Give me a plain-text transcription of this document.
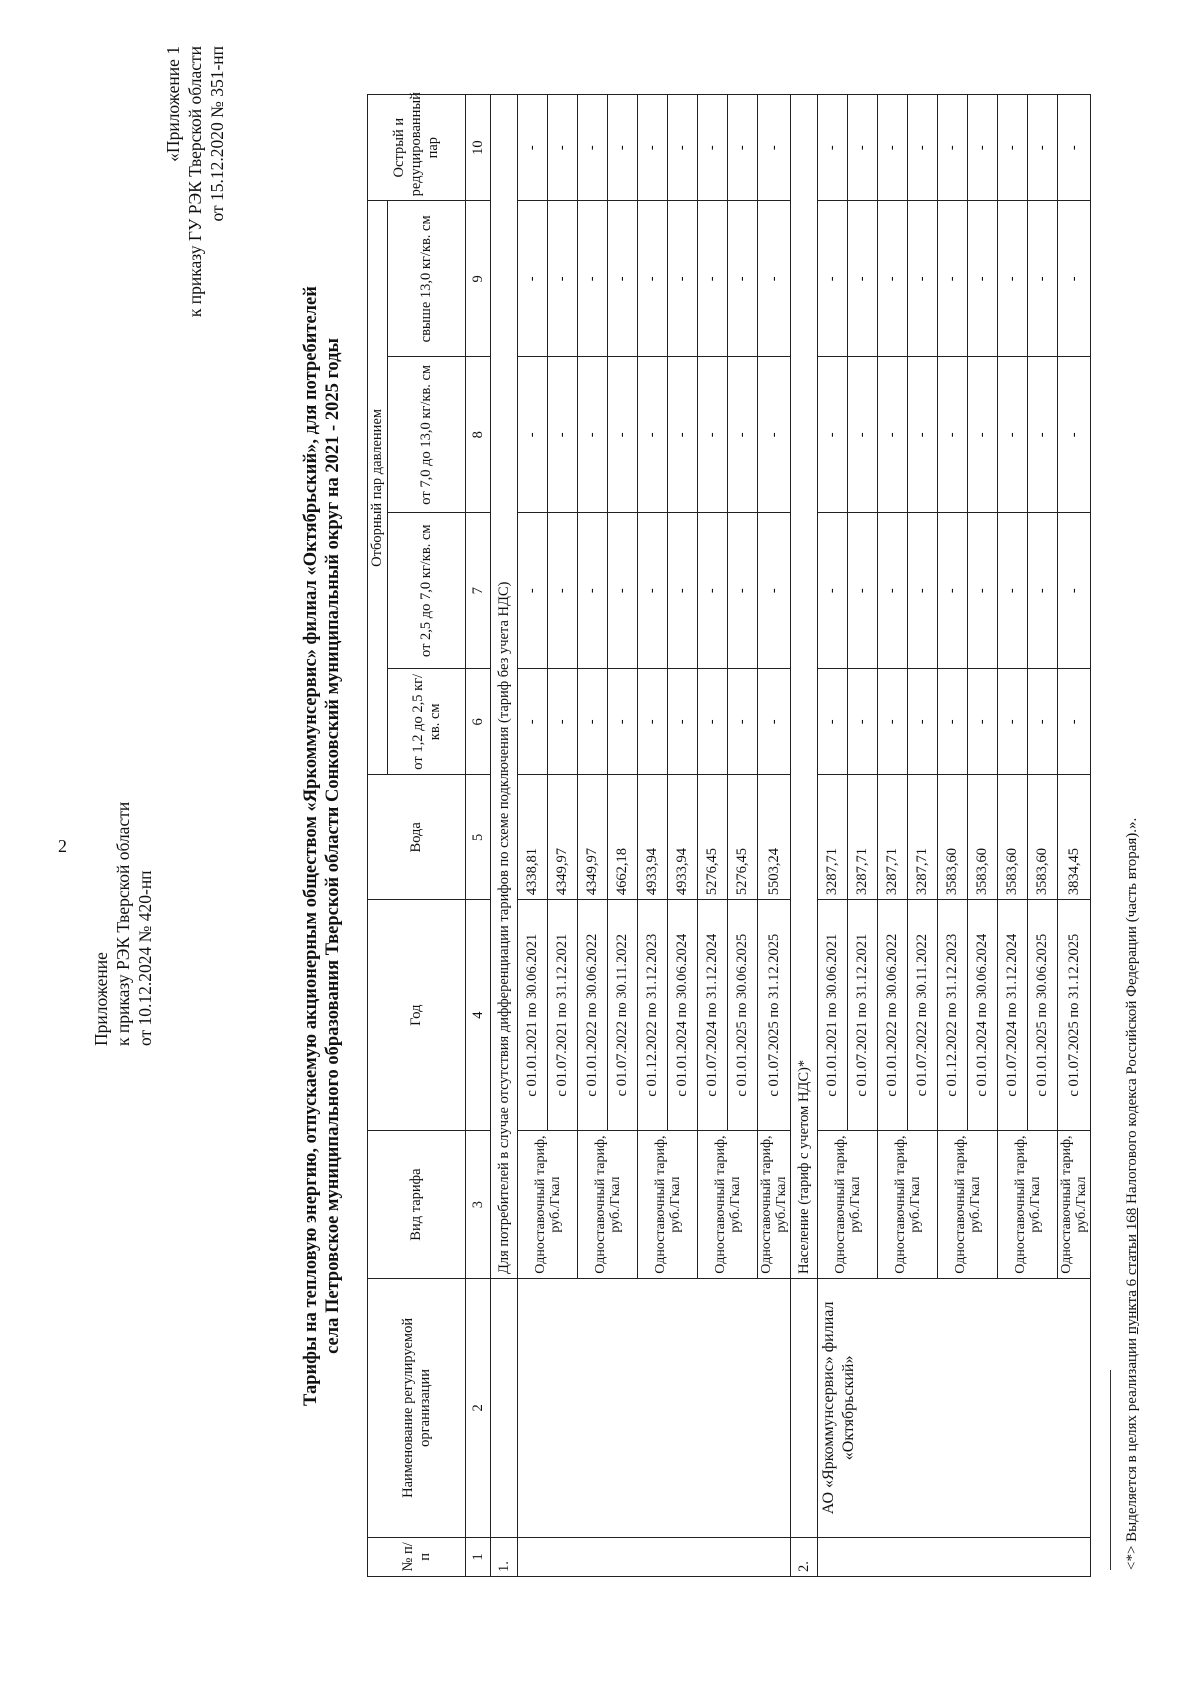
2
Приложение к приказу РЭК Тверской области от 10.12.2024 № 420-нп
«Приложение 1 к приказу ГУ РЭК Тверской области от 15.12.2020 № 351-нп
Тарифы на тепловую энергию, отпускаемую акционерным обществом «Яркоммунсервис» филиал «Октябрьский», для потребителей села Петровское муниципального образования Тверской области Сонковский муниципальный округ на 2021 - 2025 годы
№ п/п	Наименование регулируемой организации	Вид тарифа	Год	Вода	Отборный пар давлением				Острый и редуцированный пар
					от 1,2 до 2,5 кг/кв. см	от 2,5 до 7,0 кг/кв. см	от 7,0 до 13,0 кг/кв. см	свыше 13,0 кг/кв. см	
1	2	3	4	5	6	7	8	9	10
1.		Для потребителей в случае отсутствия дифференциации тарифов по схеме подключения (тариф без учета НДС)							
		Одноставочный тариф, руб./Гкал	с 01.01.2021 по 30.06.2021	4338,81	-	-	-	-	-
			с 01.07.2021 по 31.12.2021	4349,97	-	-	-	-	-
		Одноставочный тариф, руб./Гкал	с 01.01.2022 по 30.06.2022	4349,97	-	-	-	-	-
			с 01.07.2022 по 30.11.2022	4662,18	-	-	-	-	-
		Одноставочный тариф, руб./Гкал	с 01.12.2022 по 31.12.2023	4933,94	-	-	-	-	-
			с 01.01.2024 по 30.06.2024	4933,94	-	-	-	-	-
		Одноставочный тариф, руб./Гкал	с 01.07.2024 по 31.12.2024	5276,45	-	-	-	-	-
			с 01.01.2025 по 30.06.2025	5276,45	-	-	-	-	-
		Одноставочный тариф, руб./Гкал	с 01.07.2025 по 31.12.2025	5503,24	-	-	-	-	-
2.		Население (тариф с учетом НДС)*							
	АО «Яркоммунсервис» филиал «Октябрьский»	Одноставочный тариф, руб./Гкал	с 01.01.2021 по 30.06.2021	3287,71	-	-	-	-	-
			с 01.07.2021 по 31.12.2021	3287,71	-	-	-	-	-
		Одноставочный тариф, руб./Гкал	с 01.01.2022 по 30.06.2022	3287,71	-	-	-	-	-
			с 01.07.2022 по 30.11.2022	3287,71	-	-	-	-	-
		Одноставочный тариф, руб./Гкал	с 01.12.2022 по 31.12.2023	3583,60	-	-	-	-	-
			с 01.01.2024 по 30.06.2024	3583,60	-	-	-	-	-
		Одноставочный тариф, руб./Гкал	с 01.07.2024 по 31.12.2024	3583,60	-	-	-	-	-
			с 01.01.2025 по 30.06.2025	3583,60	-	-	-	-	-
		Одноставочный тариф, руб./Гкал	с 01.07.2025 по 31.12.2025	3834,45	-	-	-	-	-
<*> Выделяется в целях реализации пункта 6 статьи 168 Налогового кодекса Российской Федерации (часть вторая).».
